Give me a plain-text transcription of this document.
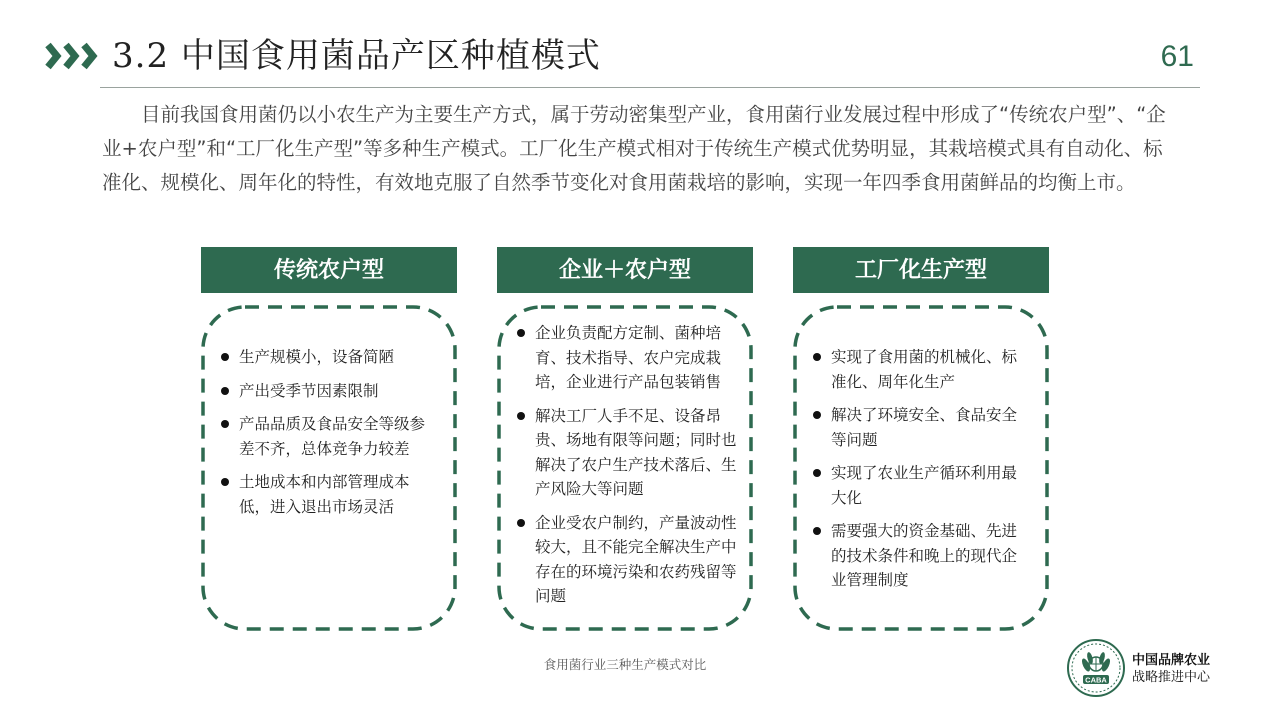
3.2 中国食用菌品产区种植模式	61

目前我国食用菌仍以小农生产为主要生产方式，属于劳动密集型产业，食用菌行业发展过程中形成了“传统农户型”、“企业+农户型”和“工厂化生产型”等多种生产模式。工厂化生产模式相对于传统生产模式优势明显，其栽培模式具有自动化、标准化、规模化、周年化的特性，有效地克服了自然季节变化对食用菌栽培的影响，实现一年四季食用菌鲜品的均衡上市。

传统农户型
生产规模小，设备简陋
产出受季节因素限制
产品品质及食品安全等级参差不齐，总体竞争力较差
土地成本和内部管理成本低，进入退出市场灵活
企业＋农户型
企业负责配方定制、菌种培育、技术指导、农户完成栽培，企业进行产品包装销售
解决工厂人手不足、设备昂贵、场地有限等问题；同时也解决了农户生产技术落后、生产风险大等问题
企业受农户制约，产量波动性较大，且不能完全解决生产中存在的环境污染和农药残留等问题
工厂化生产型
实现了食用菌的机械化、标准化、周年化生产
解决了环境安全、食品安全等问题
实现了农业生产循环利用最大化
需要强大的资金基础、先进的技术条件和晚上的现代企业管理制度
食用菌行业三种生产模式对比
CABA
中国品牌农业
战略推进中心
